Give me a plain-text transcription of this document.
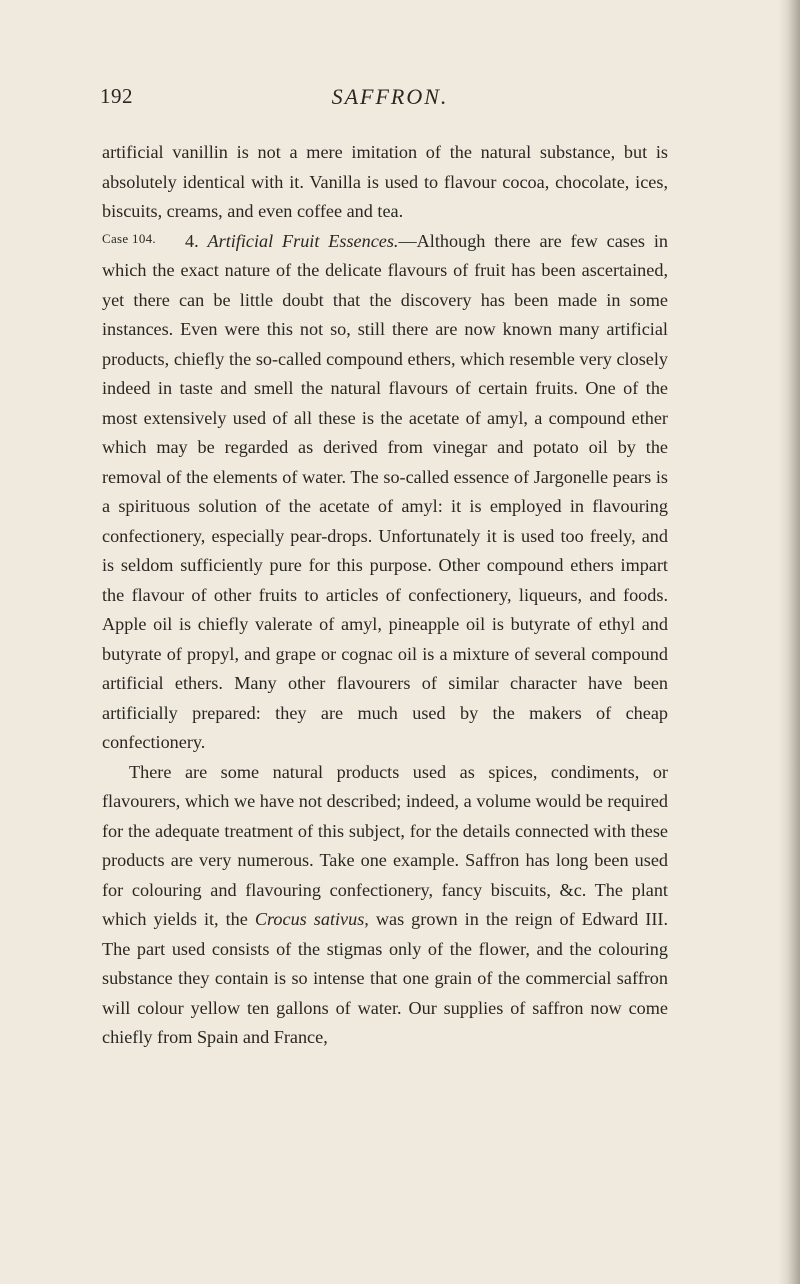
192	SAFFRON.
Case 104.

artificial vanillin is not a mere imitation of the natural substance, but is absolutely identical with it. Vanilla is used to flavour cocoa, chocolate, ices, biscuits, creams, and even coffee and tea.

4. Artificial Fruit Essences.—Although there are few cases in which the exact nature of the delicate flavours of fruit has been ascertained, yet there can be little doubt that the discovery has been made in some instances. Even were this not so, still there are now known many artificial products, chiefly the so-called compound ethers, which resemble very closely indeed in taste and smell the natural flavours of certain fruits. One of the most extensively used of all these is the acetate of amyl, a compound ether which may be regarded as derived from vinegar and potato oil by the removal of the elements of water. The so-called essence of Jargonelle pears is a spirituous solution of the acetate of amyl: it is employed in flavouring confectionery, especially pear-drops. Unfortunately it is used too freely, and is seldom sufficiently pure for this purpose. Other compound ethers impart the flavour of other fruits to articles of confectionery, liqueurs, and foods. Apple oil is chiefly valerate of amyl, pineapple oil is butyrate of ethyl and butyrate of propyl, and grape or cognac oil is a mixture of several compound artificial ethers. Many other flavourers of similar character have been artificially prepared: they are much used by the makers of cheap confectionery.

There are some natural products used as spices, condiments, or flavourers, which we have not described; indeed, a volume would be required for the adequate treatment of this subject, for the details connected with these products are very numerous. Take one example. Saffron has long been used for colouring and flavouring confectionery, fancy biscuits, &c. The plant which yields it, the Crocus sativus, was grown in the reign of Edward III. The part used consists of the stigmas only of the flower, and the colouring substance they contain is so intense that one grain of the commercial saffron will colour yellow ten gallons of water. Our supplies of saffron now come chiefly from Spain and France,
